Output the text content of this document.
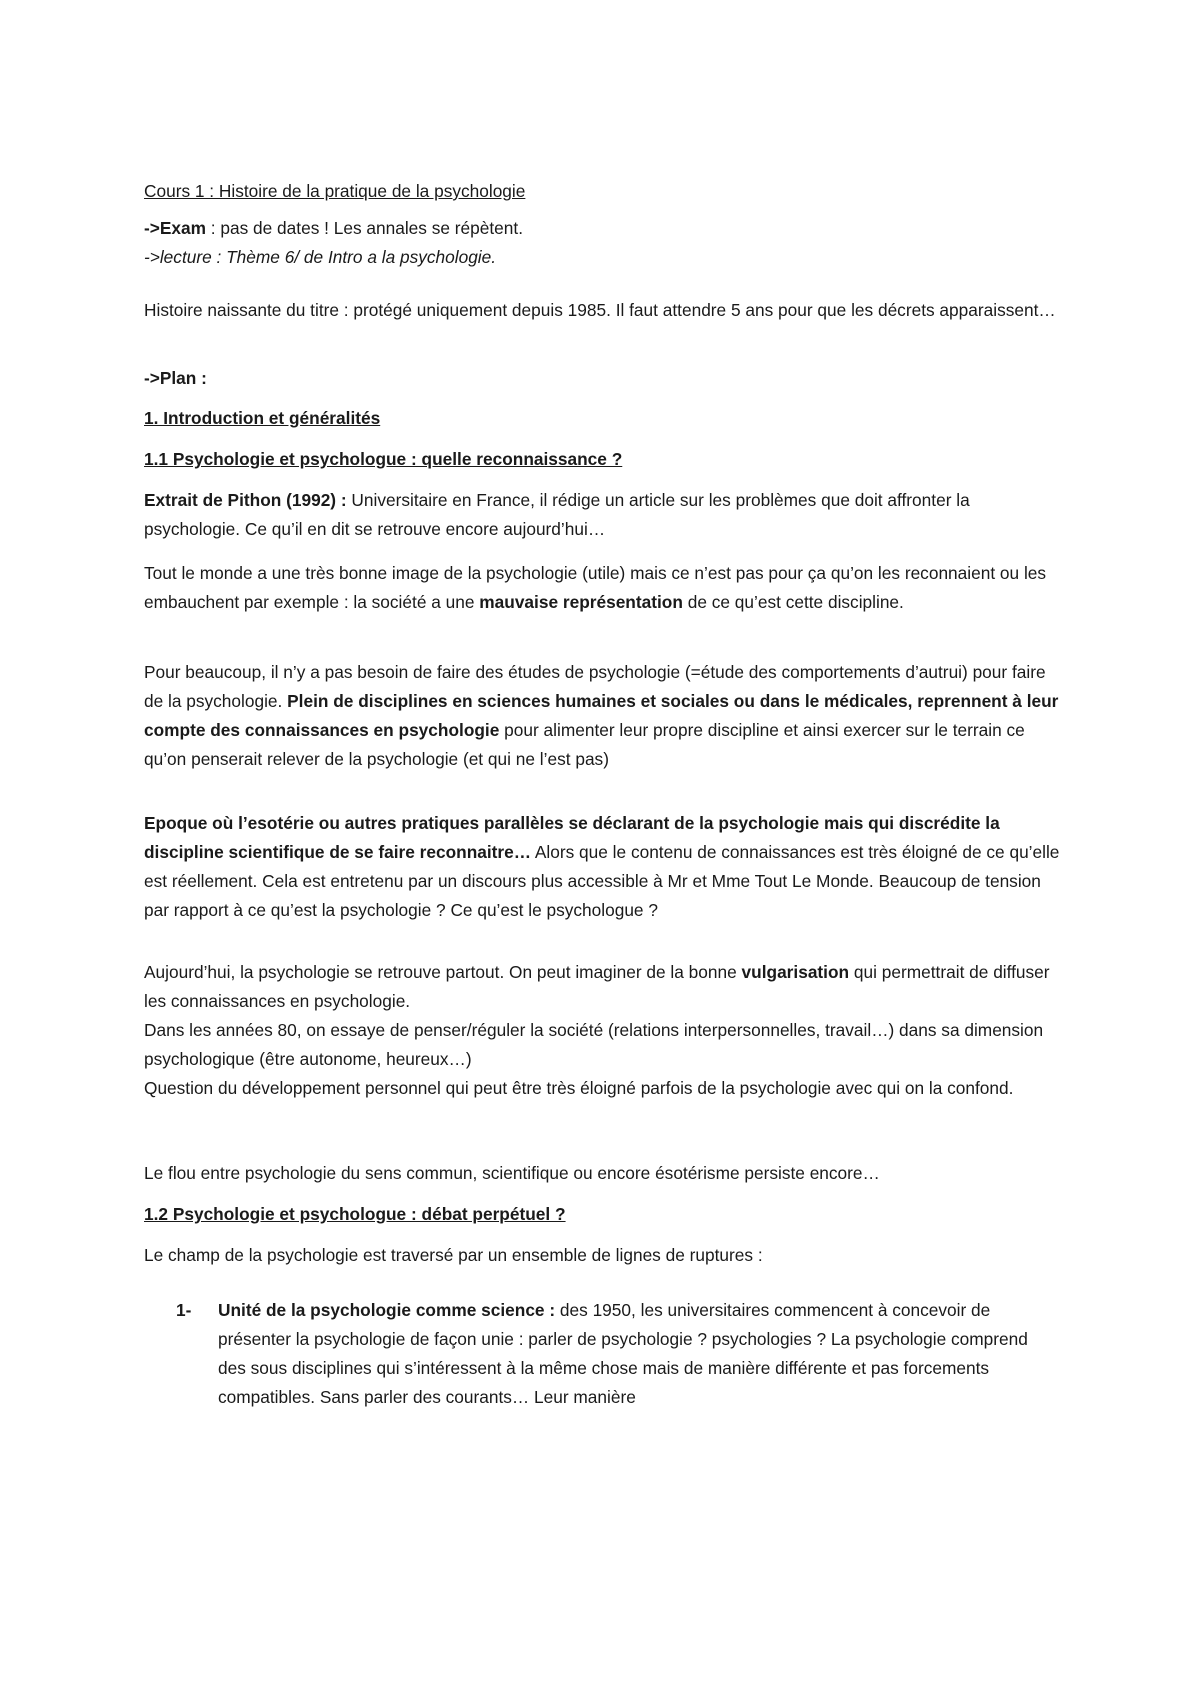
Cours 1 : Histoire de la pratique de la psychologie

->Exam : pas de dates ! Les annales se répètent.

->lecture : Thème 6/ de Intro a la psychologie.

Histoire naissante du titre : protégé uniquement depuis 1985. Il faut attendre 5 ans pour que les décrets apparaissent…

->Plan :

1. Introduction et généralités

1.1 Psychologie et psychologue : quelle reconnaissance ?

Extrait de Pithon (1992) : Universitaire en France, il rédige un article sur les problèmes que doit affronter la psychologie. Ce qu’il en dit se retrouve encore aujourd’hui…

Tout le monde a une très bonne image de la psychologie (utile) mais ce n’est pas pour ça qu’on les reconnaient ou les embauchent par exemple : la société a une mauvaise représentation de ce qu’est cette discipline.

Pour beaucoup, il n’y a pas besoin de faire des études de psychologie (=étude des comportements d’autrui) pour faire de la psychologie. Plein de disciplines en sciences humaines et sociales ou dans le médicales, reprennent à leur compte des connaissances en psychologie pour alimenter leur propre discipline et ainsi exercer sur le terrain ce qu’on penserait relever de la psychologie (et qui ne l’est pas)

Epoque où l’esotérie ou autres pratiques parallèles se déclarant de la psychologie mais qui discrédite la discipline scientifique de se faire reconnaitre… Alors que le contenu de connaissances est très éloigné de ce qu’elle est réellement. Cela est entretenu par un discours plus accessible à Mr et Mme Tout Le Monde. Beaucoup de tension par rapport à ce qu’est la psychologie ? Ce qu’est le psychologue ?

Aujourd’hui, la psychologie se retrouve partout. On peut imaginer de la bonne vulgarisation qui permettrait de diffuser les connaissances en psychologie.

Dans les années 80, on essaye de penser/réguler la société (relations interpersonnelles, travail…) dans sa dimension psychologique (être autonome, heureux…)

Question du développement personnel qui peut être très éloigné parfois de la psychologie avec qui on la confond.

Le flou entre psychologie du sens commun, scientifique ou encore ésotérisme persiste encore…

1.2 Psychologie et psychologue : débat perpétuel ?

Le champ de la psychologie est traversé par un ensemble de lignes de ruptures :

1- Unité de la psychologie comme science : des 1950, les universitaires commencent à concevoir de présenter la psychologie de façon unie : parler de psychologie ? psychologies ? La psychologie comprend des sous disciplines qui s’intéressent à la même chose mais de manière différente et pas forcements compatibles. Sans parler des courants… Leur manière
